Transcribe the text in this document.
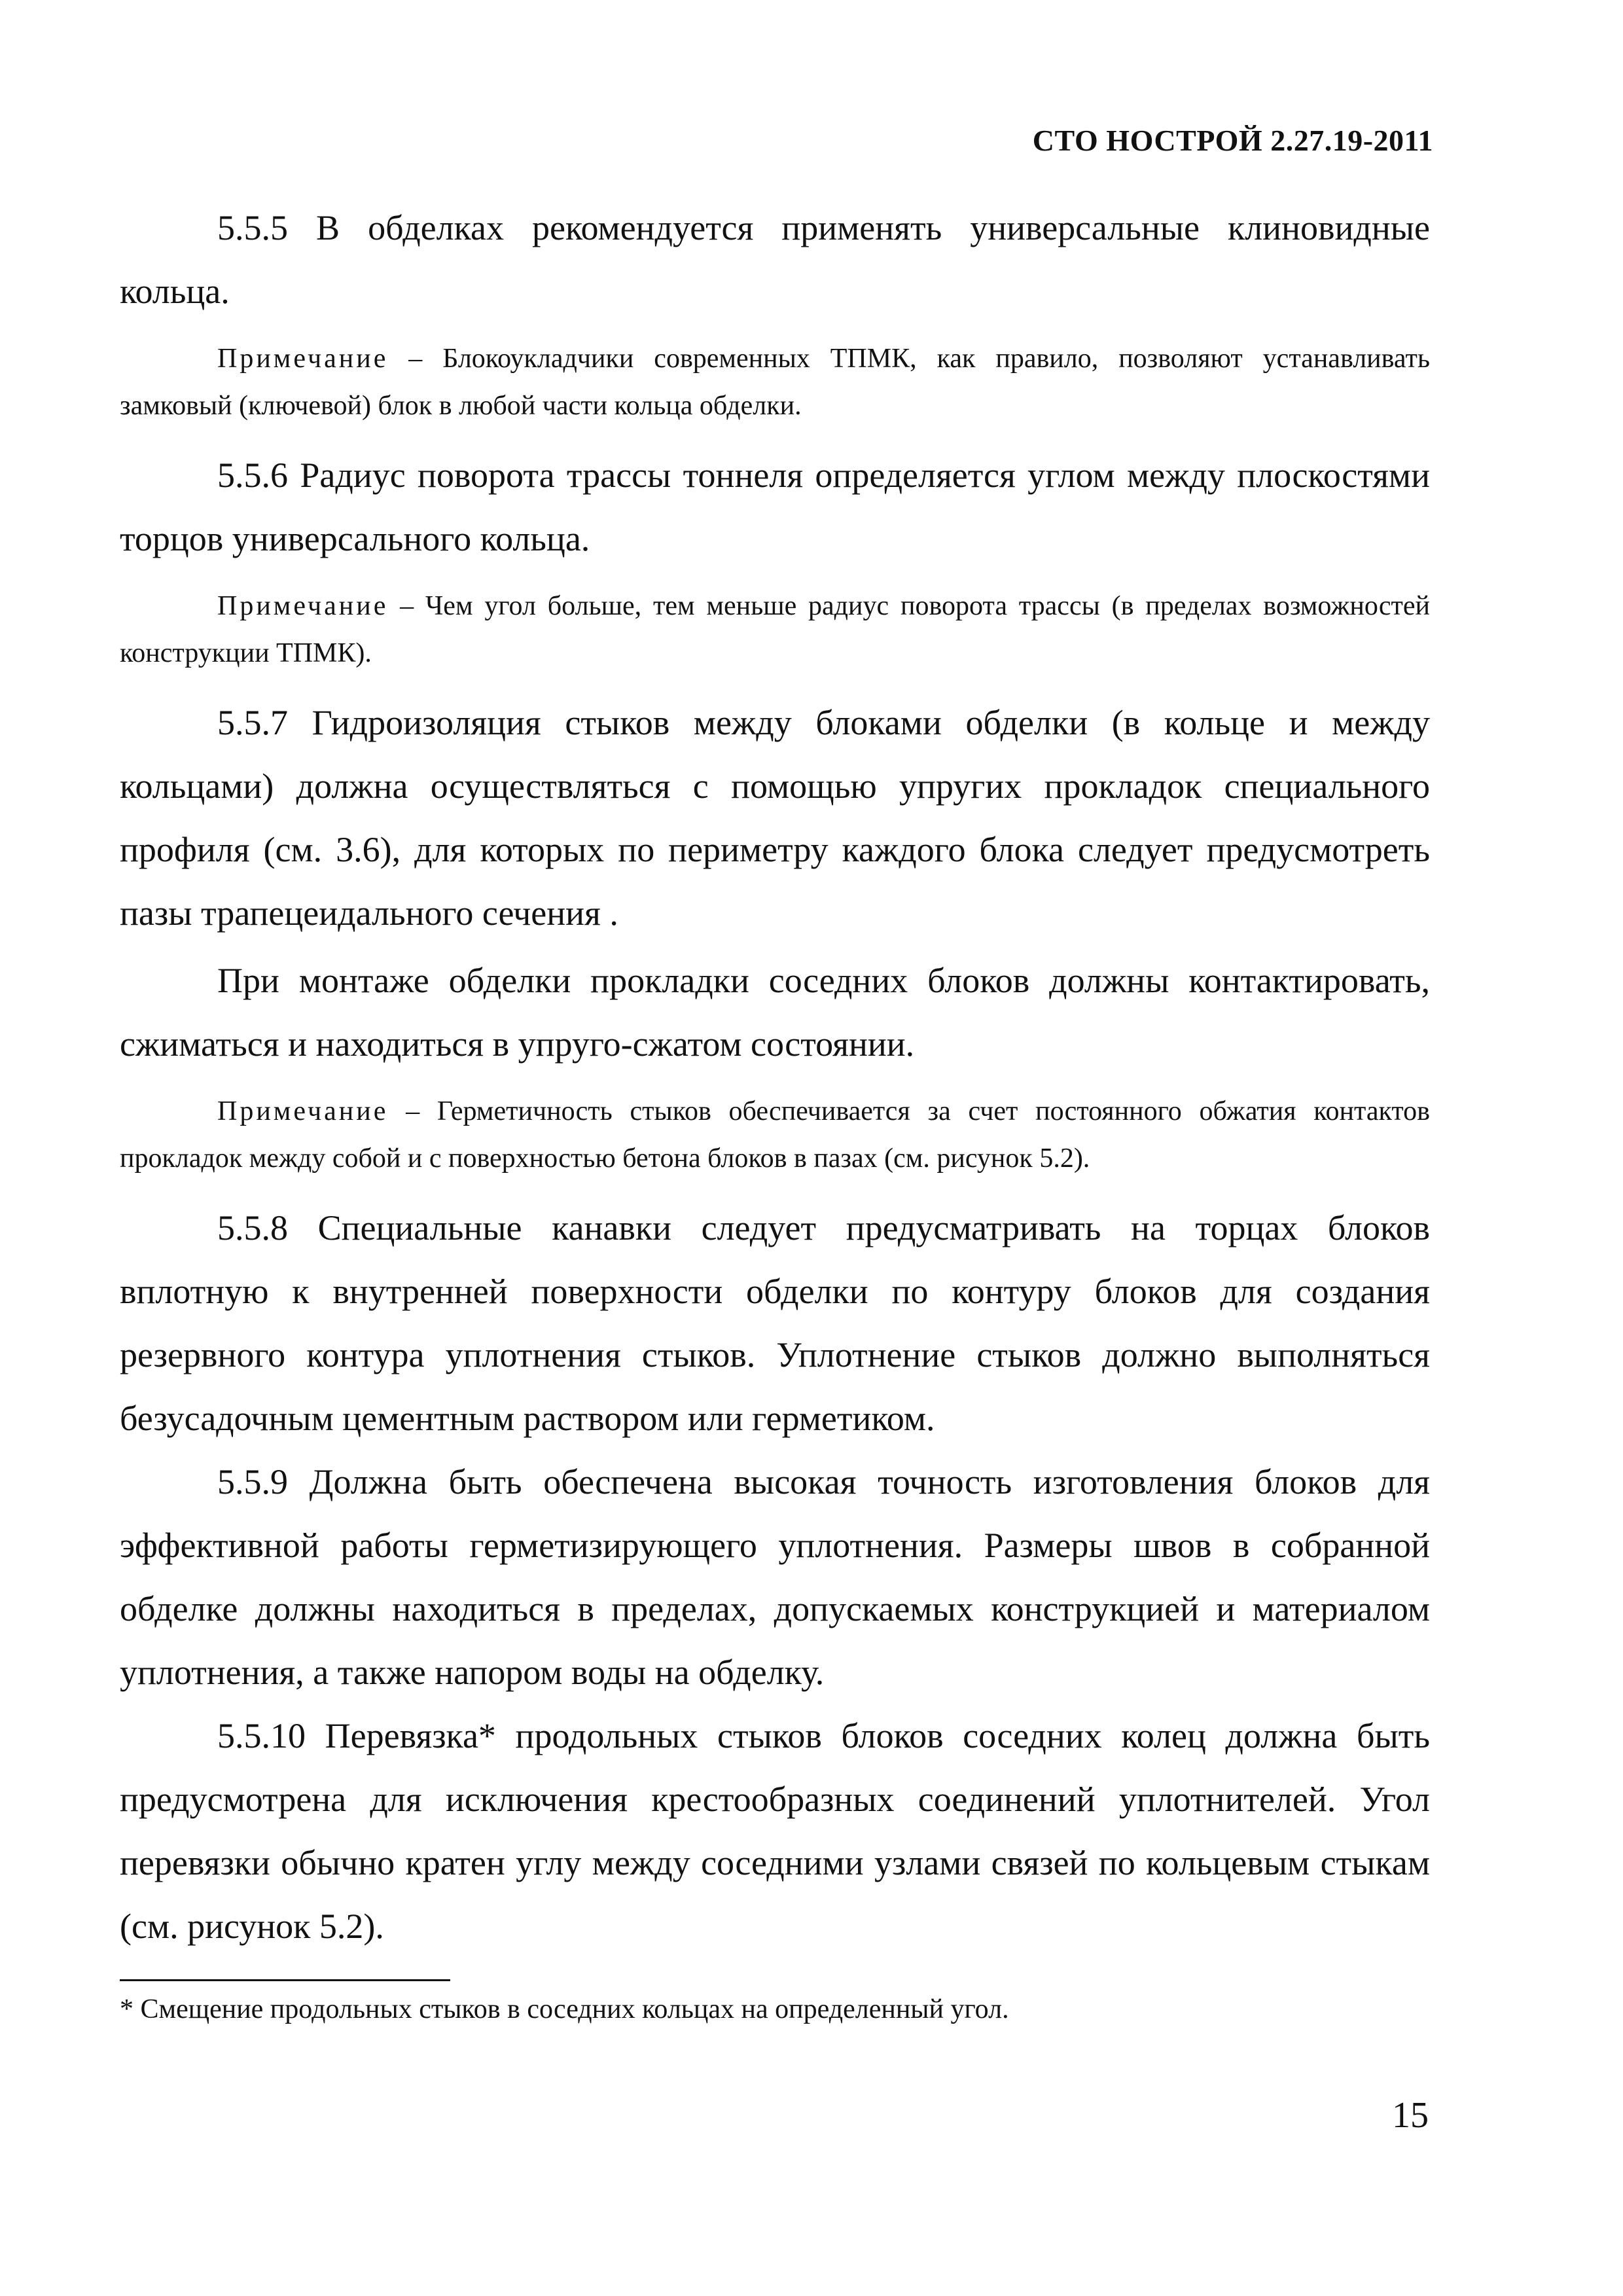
СТО НОСТРОЙ 2.27.19-2011

5.5.5 В обделках рекомендуется применять универсальные клиновидные кольца.

Примечание – Блокоукладчики современных ТПМК, как правило, позволяют устанавливать замковый (ключевой) блок в любой части кольца обделки.

5.5.6 Радиус поворота трассы тоннеля определяется углом между плоскостями торцов универсального кольца.

Примечание – Чем угол больше, тем меньше радиус поворота трассы (в пределах возможностей конструкции ТПМК).

5.5.7 Гидроизоляция стыков между блоками обделки (в кольце и между кольцами) должна осуществляться с помощью упругих прокладок специального профиля (см. 3.6), для которых по периметру каждого блока следует предусмотреть пазы трапецеидального сечения .

При монтаже обделки прокладки соседних блоков должны контактировать, сжиматься и находиться в упруго-сжатом состоянии.

Примечание – Герметичность стыков обеспечивается за счет постоянного обжатия контактов прокладок между собой и с поверхностью бетона блоков в пазах (см. рисунок 5.2).

5.5.8 Специальные канавки следует предусматривать на торцах блоков вплотную к внутренней поверхности обделки по контуру блоков для создания резервного контура уплотнения стыков. Уплотнение стыков должно выполняться безусадочным цементным раствором или герметиком.

5.5.9 Должна быть обеспечена высокая точность изготовления блоков для эффективной работы герметизирующего уплотнения. Размеры швов в собранной обделке должны находиться в пределах, допускаемых конструкцией и материалом уплотнения, а также напором воды на обделку.

5.5.10 Перевязка* продольных стыков блоков соседних колец должна быть предусмотрена для исключения крестообразных соединений уплотнителей. Угол перевязки обычно кратен углу между соседними узлами связей по кольцевым стыкам (см. рисунок 5.2).

* Смещение продольных стыков в соседних кольцах на определенный угол.
15
